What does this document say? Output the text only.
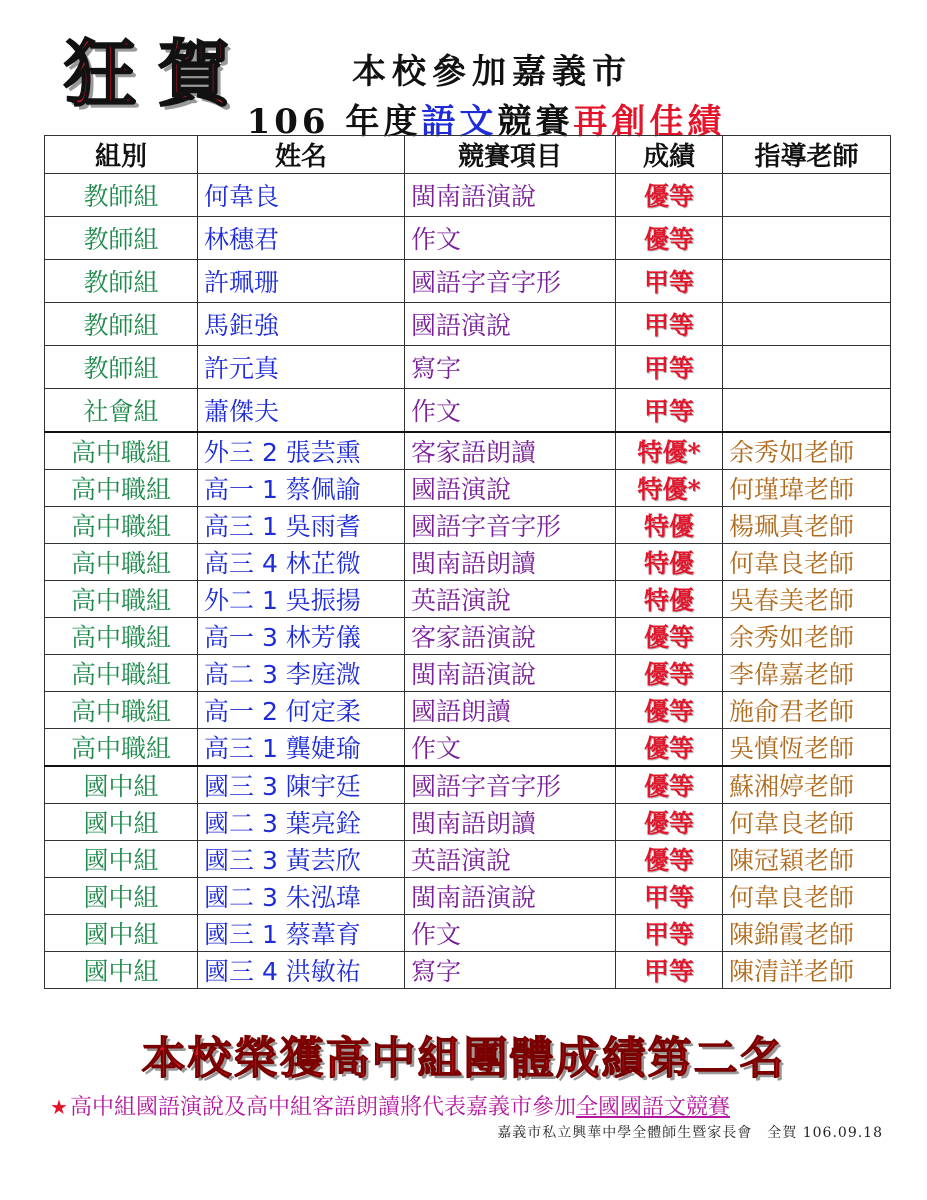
狂 賀	本校參加嘉義市
106 年度語文競賽再創佳績
組別	姓名	競賽項目	成績	指導老師
教師組	何韋良	閩南語演說	優等	
教師組	林穗君	作文	優等	
教師組	許珮珊	國語字音字形	甲等	
教師組	馬鉅強	國語演說	甲等	
教師組	許元真	寫字	甲等	
社會組	蕭傑夫	作文	甲等	
高中職組	外三 2 張芸熏	客家語朗讀	特優*	余秀如老師
高中職組	高一 1 蔡佩諭	國語演說	特優*	何瑾瑋老師
高中職組	高三 1 吳雨耆	國語字音字形	特優	楊珮真老師
高中職組	高三 4 林芷微	閩南語朗讀	特優	何韋良老師
高中職組	外二 1 吳振揚	英語演說	特優	吳春美老師
高中職組	高一 3 林芳儀	客家語演說	優等	余秀如老師
高中職組	高二 3 李庭溦	閩南語演說	優等	李偉嘉老師
高中職組	高一 2 何定柔	國語朗讀	優等	施俞君老師
高中職組	高三 1 龔婕瑜	作文	優等	吳慎恆老師
國中組	國三 3 陳宇廷	國語字音字形	優等	蘇湘婷老師
國中組	國二 3 葉亮銓	閩南語朗讀	優等	何韋良老師
國中組	國三 3 黃芸欣	英語演說	優等	陳冠穎老師
國中組	國二 3 朱泓瑋	閩南語演說	甲等	何韋良老師
國中組	國三 1 蔡葦育	作文	甲等	陳錦霞老師
國中組	國三 4 洪敏祐	寫字	甲等	陳清詳老師
本校榮獲高中組團體成績第二名
★高中組國語演說及高中組客語朗讀將代表嘉義市參加全國國語文競賽
嘉義市私立興華中學全體師生暨家長會　全賀 106.09.18
